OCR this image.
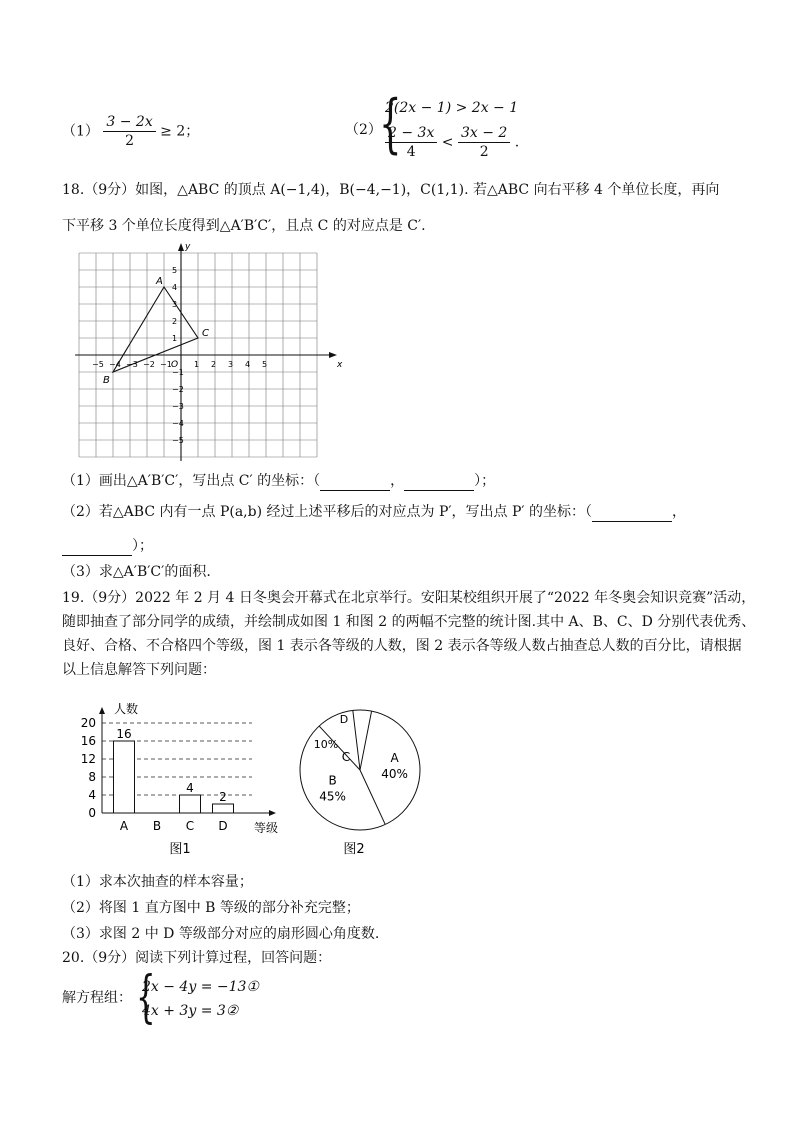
$(1) \frac{3 - 2x}{2} \ge 2$；	（2）
{
2(2x − 1) > 2x − 1
$\frac{2 - 3x}{4} < \frac{3x - 2}{2}$ .
18.（9分）如图，△ABC 的顶点 A(−1,4)，B(−4,−1)，C(1,1). 若△ABC 向右平移 4 个单位长度，再向
下平移 3 个单位长度得到△A′B′C′，且点 C 的对应点是 C′.
x
y
O
−5 −4 −3 −2 −1	1 2 3 4 5
5
4
3
2
1
−1
−2
−3
−4
−5
A
B
C
（1）画出△A′B′C′，写出点 C′ 的坐标：（	，	）；
（2）若△ABC 内有一点 P(a,b) 经过上述平移后的对应点为 P′，写出点 P′ 的坐标：（	，
）；
（3）求△A′B′C′的面积.
19.（9分）2022 年 2 月 4 日冬奥会开幕式在北京举行。安阳某校组织开展了“2022 年冬奥会知识竞赛”活动，
随即抽查了部分同学的成绩，并绘制成如图 1 和图 2 的两幅不完整的统计图.其中 A、B、C、D 分别代表优秀、
良好、合格、不合格四个等级，图 1 表示各等级的人数，图 2 表示各等级人数占抽查总人数的百分比，请根据
以上信息解答下列问题：
人数
0
4
8
12
16
20
16
A B
4
C
2
D 等级
图1
A
40%
B
45%
C
10%
D
图2
（1）求本次抽查的样本容量；
（2）将图 1 直方图中 B 等级的部分补充完整；
（3）求图 2 中 D 等级部分对应的扇形圆心角度数.
20.（9分）阅读下列计算过程，回答问题：
解方程组： {
2x − 4y = −13①
4x + 3y = 3②
